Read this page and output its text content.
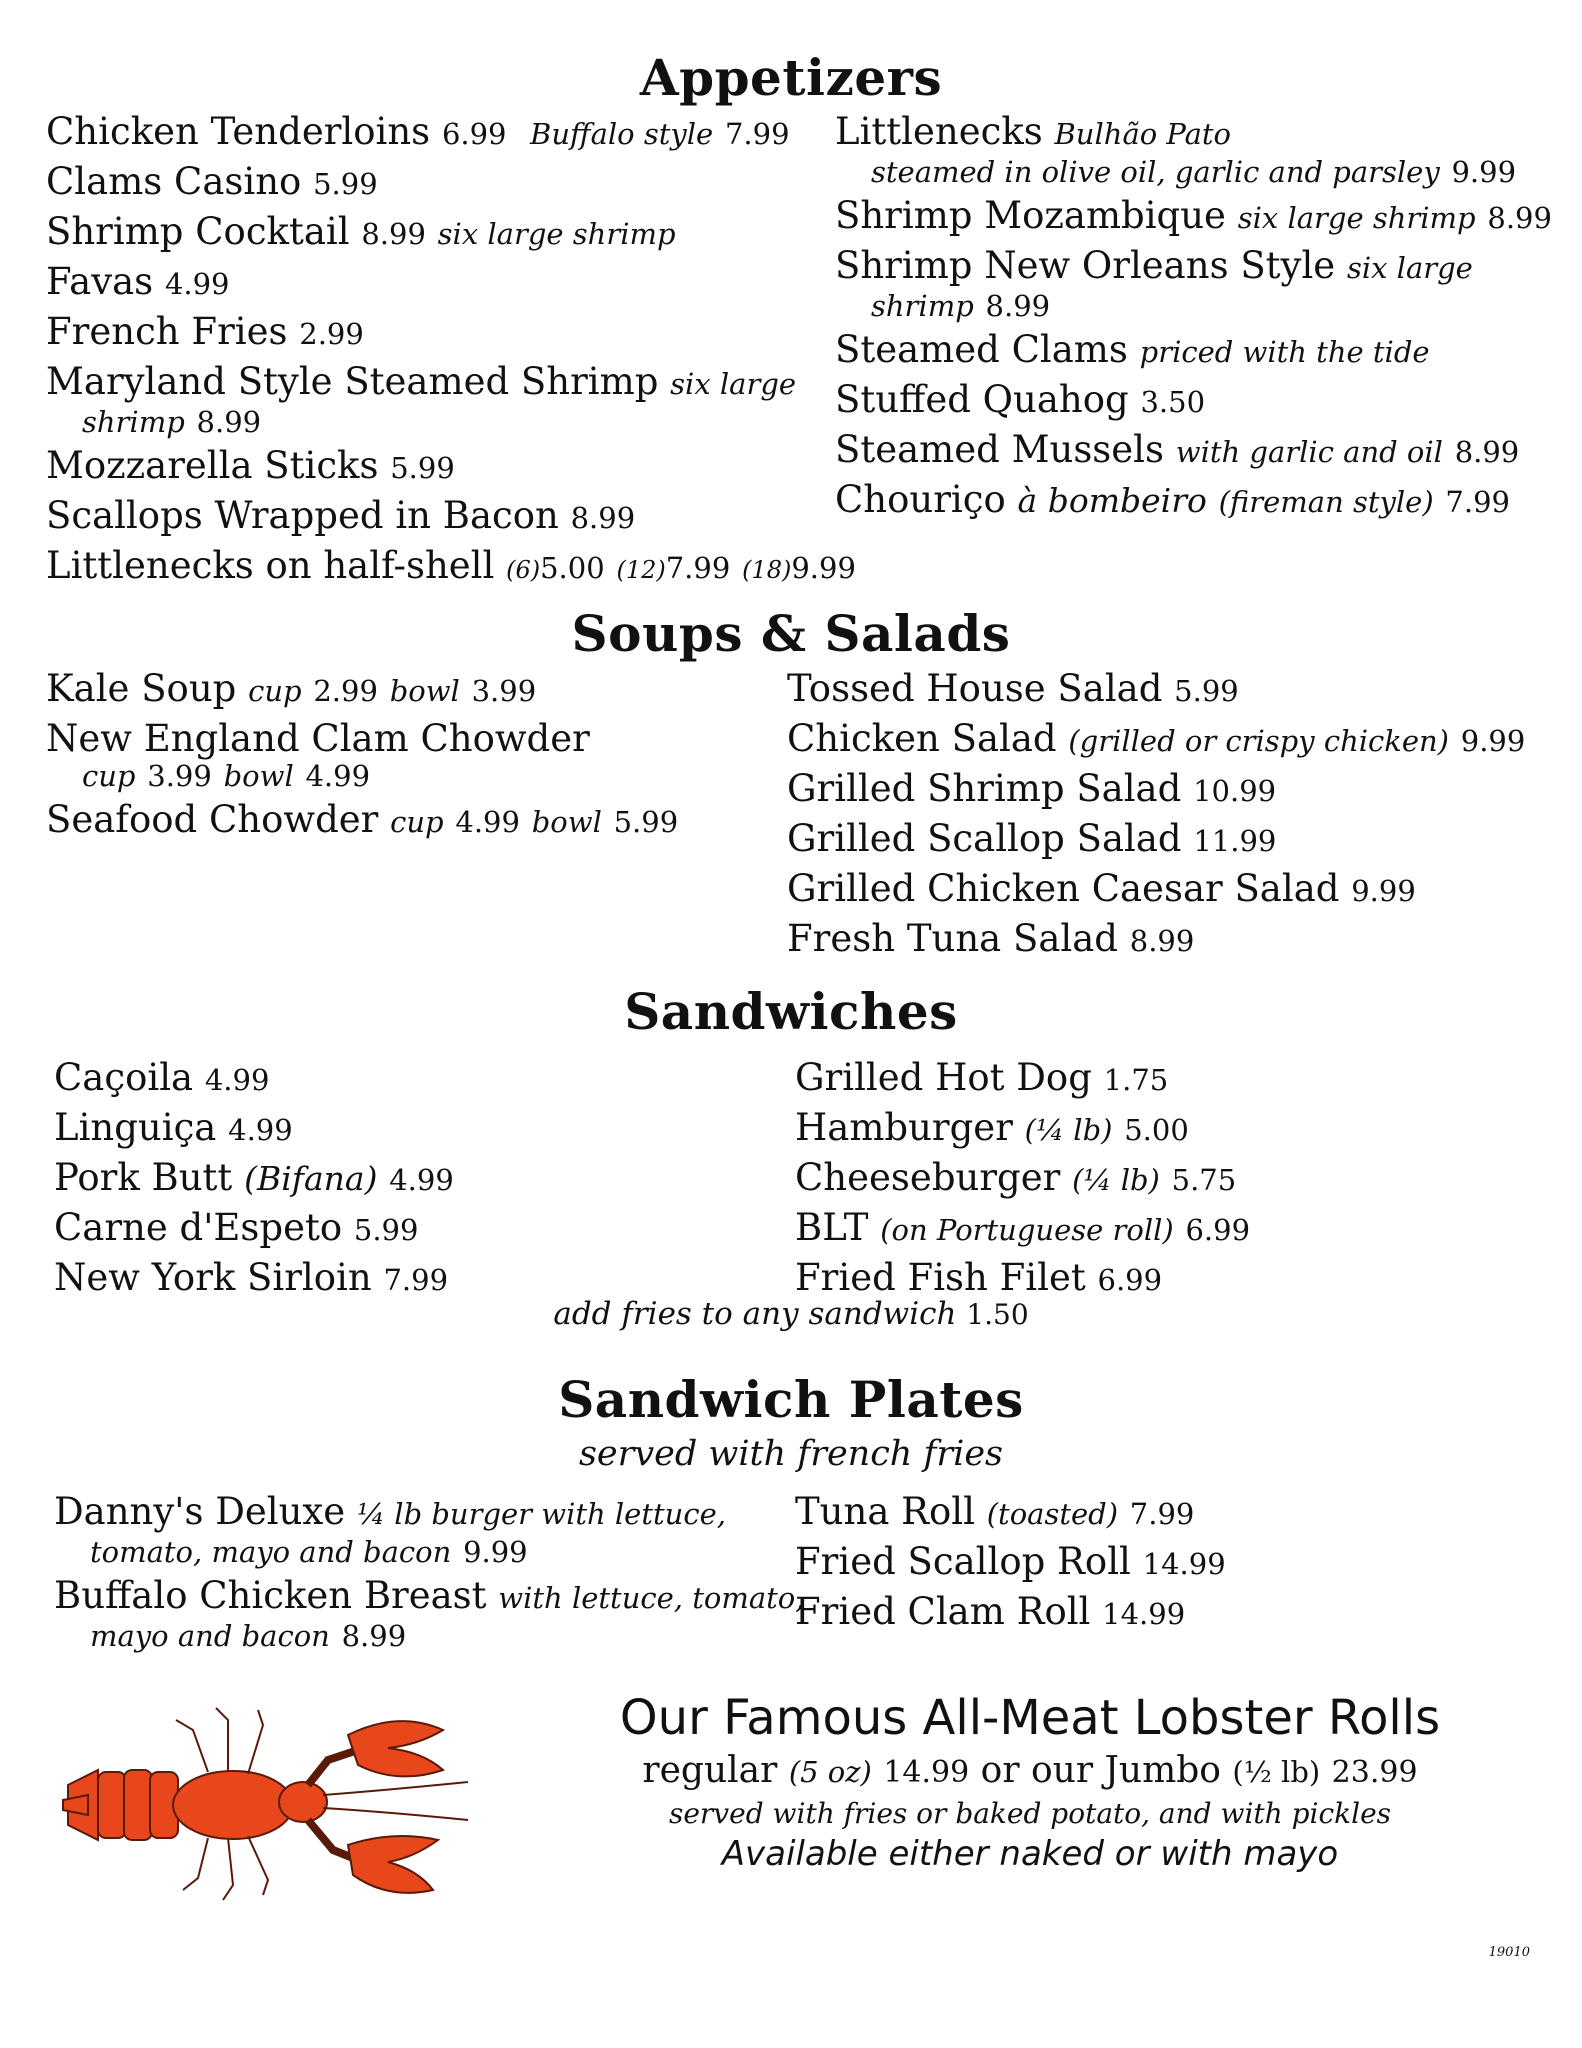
Appetizers
Chicken Tenderloins 6.99 Buffalo style 7.99
Clams Casino 5.99
Shrimp Cocktail 8.99 six large shrimp
Favas 4.99
French Fries 2.99
Maryland Style Steamed Shrimp six large
shrimp 8.99
Mozzarella Sticks 5.99
Scallops Wrapped in Bacon 8.99
Littlenecks on half-shell (6)5.00 (12)7.99 (18)9.99
Littlenecks Bulhão Pato
steamed in olive oil, garlic and parsley 9.99
Shrimp Mozambique six large shrimp 8.99
Shrimp New Orleans Style six large
shrimp 8.99
Steamed Clams priced with the tide
Stuffed Quahog 3.50
Steamed Mussels with garlic and oil 8.99
Chouriço à bombeiro (fireman style) 7.99
Soups & Salads
Kale Soup cup 2.99 bowl 3.99
New England Clam Chowder
cup 3.99 bowl 4.99
Seafood Chowder cup 4.99 bowl 5.99
Tossed House Salad 5.99
Chicken Salad (grilled or crispy chicken) 9.99
Grilled Shrimp Salad 10.99
Grilled Scallop Salad 11.99
Grilled Chicken Caesar Salad 9.99
Fresh Tuna Salad 8.99
Sandwiches
Caçoila 4.99
Linguiça 4.99
Pork Butt (Bifana) 4.99
Carne d'Espeto 5.99
New York Sirloin 7.99
Grilled Hot Dog 1.75
Hamburger (¼ lb) 5.00
Cheeseburger (¼ lb) 5.75
BLT (on Portuguese roll) 6.99
Fried Fish Filet 6.99
add fries to any sandwich 1.50
Sandwich Plates
served with french fries
Danny's Deluxe ¼ lb burger with lettuce,
tomato, mayo and bacon 9.99
Buffalo Chicken Breast with lettuce, tomato,
mayo and bacon 8.99
Tuna Roll (toasted) 7.99
Fried Scallop Roll 14.99
Fried Clam Roll 14.99
Our Famous All-Meat Lobster Rolls
regular (5 oz) 14.99 or our Jumbo (½ lb) 23.99
served with fries or baked potato, and with pickles
Available either naked or with mayo
19010
